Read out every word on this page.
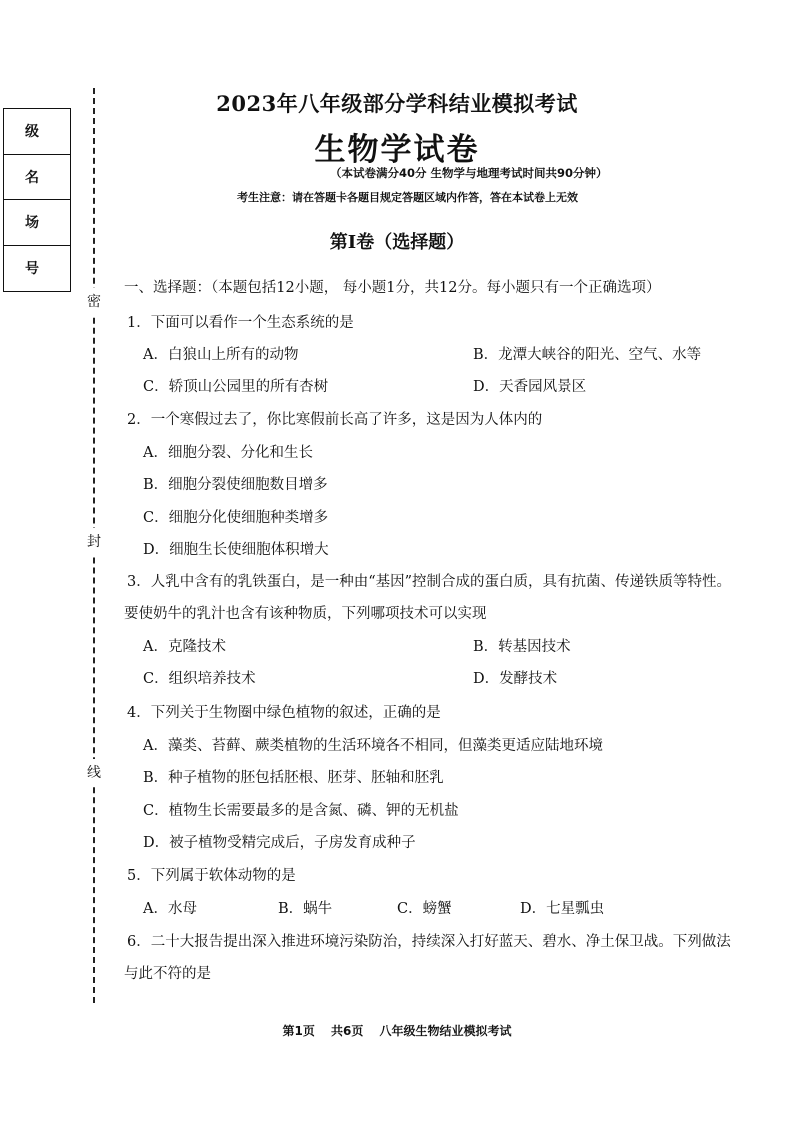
级
名
场
号
密
封
线
2023年八年级部分学科结业模拟考试
生物学试卷
（本试卷满分40分 生物学与地理考试时间共90分钟）
考生注意：请在答题卡各题目规定答题区域内作答，答在本试卷上无效
第Ⅰ卷（选择题）
一、选择题：（本题包括12小题， 每小题1分，共12分。每小题只有一个正确选项）
1．下面可以看作一个生态系统的是
A．白狼山上所有的动物	B．龙潭大峡谷的阳光、空气、水等
C．轿顶山公园里的所有杏树	D．天香园风景区
2．一个寒假过去了，你比寒假前长高了许多，这是因为人体内的
A．细胞分裂、分化和生长
B．细胞分裂使细胞数目增多
C．细胞分化使细胞种类增多
D．细胞生长使细胞体积增大
3．人乳中含有的乳铁蛋白，是一种由“基因”控制合成的蛋白质，具有抗菌、传递铁质等特性。
要使奶牛的乳汁也含有该种物质，下列哪项技术可以实现
A．克隆技术	B．转基因技术
C．组织培养技术	D．发酵技术
4．下列关于生物圈中绿色植物的叙述，正确的是
A．藻类、苔藓、蕨类植物的生活环境各不相同，但藻类更适应陆地环境
B．种子植物的胚包括胚根、胚芽、胚轴和胚乳
C．植物生长需要最多的是含氮、磷、钾的无机盐
D．被子植物受精完成后，子房发育成种子
5．下列属于软体动物的是
A．水母	B．蜗牛	C．螃蟹	D．七星瓢虫
6．二十大报告提出深入推进环境污染防治，持续深入打好蓝天、碧水、净土保卫战。下列做法
与此不符的是
第1页　 共6页　 八年级生物结业模拟考试
